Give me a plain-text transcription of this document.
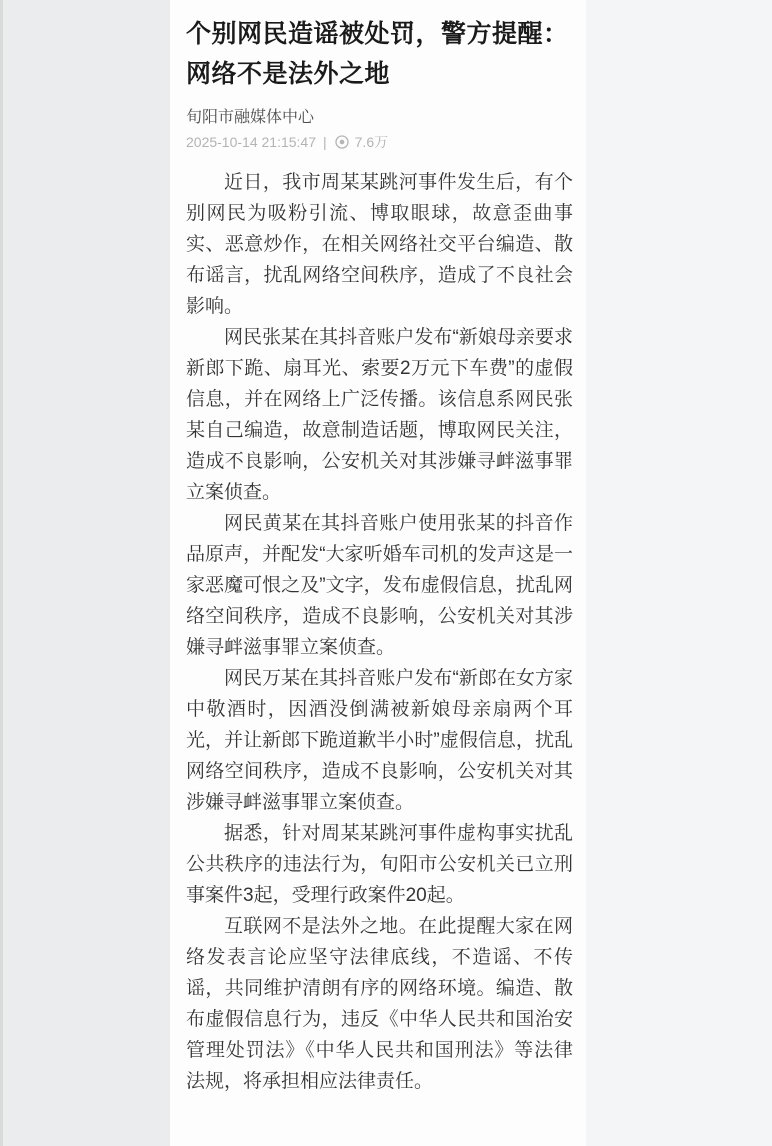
个别网民造谣被处罚，警方提醒：网络不是法外之地
旬阳市融媒体中心
2025-10-14 21:15:47 | 7.6万

近日，我市周某某跳河事件发生后，有个别网民为吸粉引流、博取眼球，故意歪曲事实、恶意炒作，在相关网络社交平台编造、散布谣言，扰乱网络空间秩序，造成了不良社会影响。

网民张某在其抖音账户发布“新娘母亲要求新郎下跪、扇耳光、索要2万元下车费”的虚假信息，并在网络上广泛传播。该信息系网民张某自己编造，故意制造话题，博取网民关注，造成不良影响，公安机关对其涉嫌寻衅滋事罪立案侦查。

网民黄某在其抖音账户使用张某的抖音作品原声，并配发“大家听婚车司机的发声这是一家恶魔可恨之及”文字，发布虚假信息，扰乱网络空间秩序，造成不良影响，公安机关对其涉嫌寻衅滋事罪立案侦查。

网民万某在其抖音账户发布“新郎在女方家中敬酒时，因酒没倒满被新娘母亲扇两个耳光，并让新郎下跪道歉半小时”虚假信息，扰乱网络空间秩序，造成不良影响，公安机关对其涉嫌寻衅滋事罪立案侦查。

据悉，针对周某某跳河事件虚构事实扰乱公共秩序的违法行为，旬阳市公安机关已立刑事案件3起，受理行政案件20起。

互联网不是法外之地。在此提醒大家在网络发表言论应坚守法律底线，不造谣、不传谣，共同维护清朗有序的网络环境。编造、散布虚假信息行为，违反《中华人民共和国治安管理处罚法》《中华人民共和国刑法》等法律法规，将承担相应法律责任。
